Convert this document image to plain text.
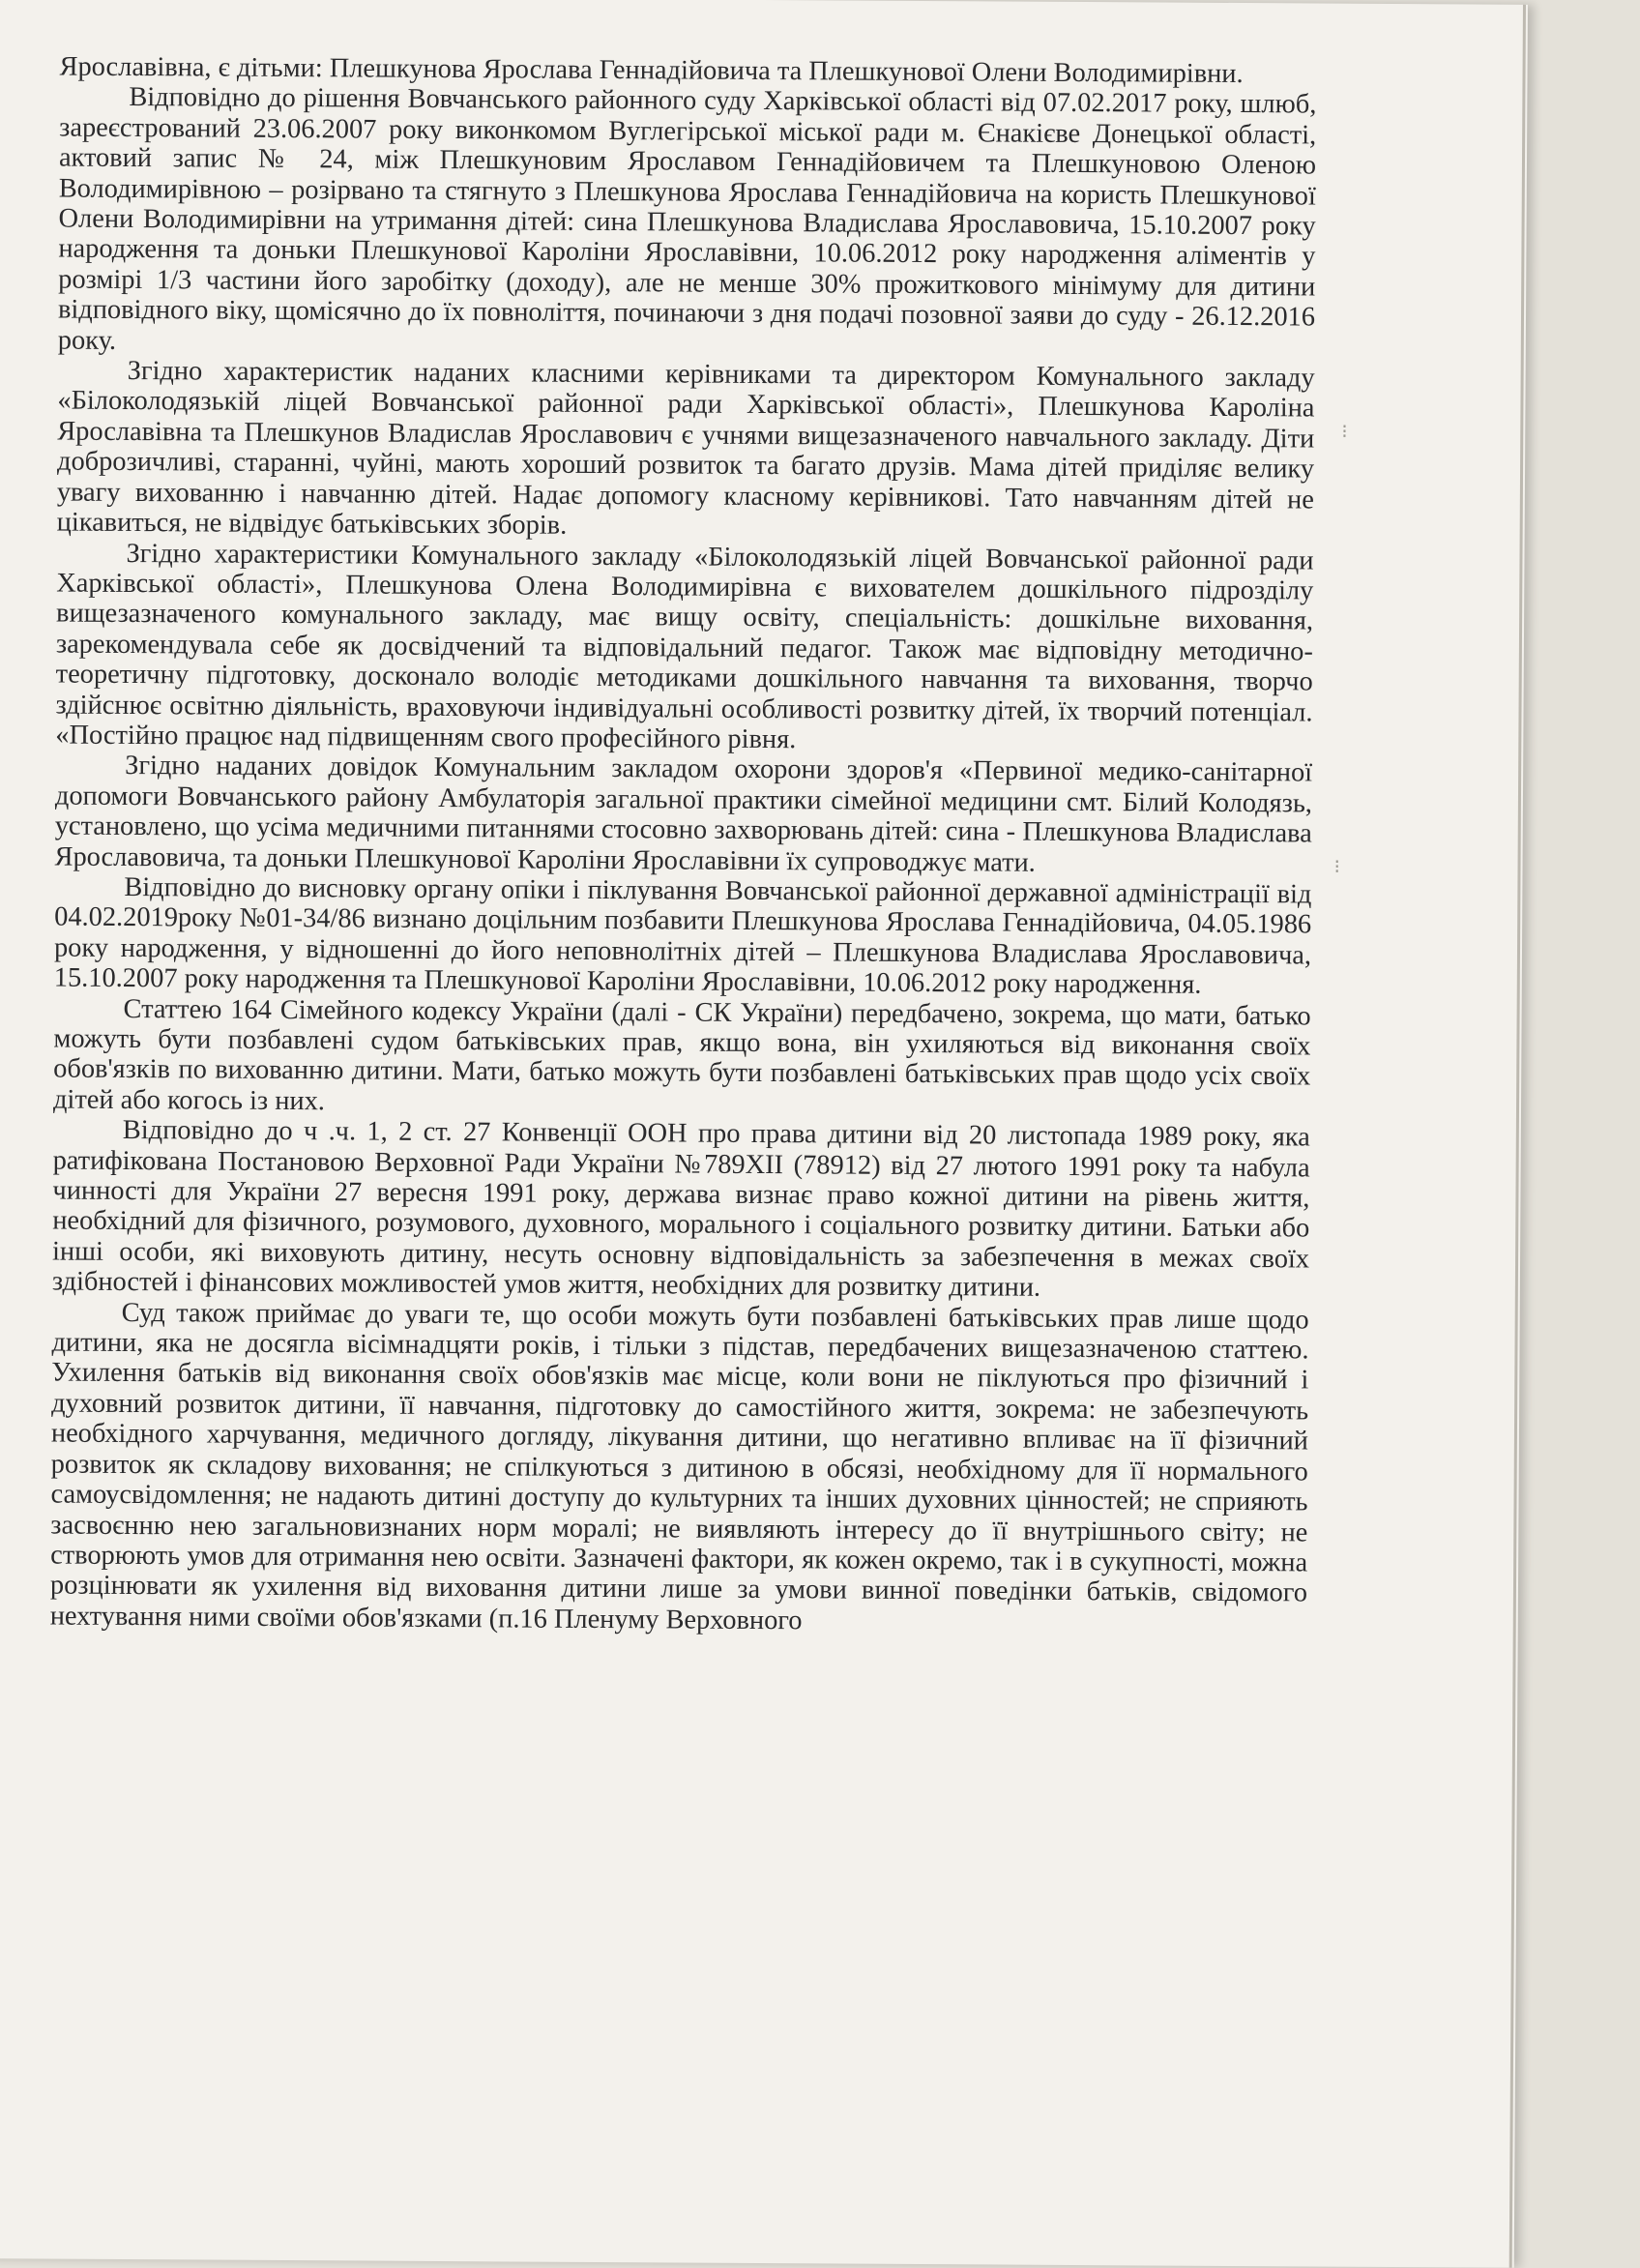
Ярославівна, є дітьми: Плешкунова Ярослава Геннадійовича та Плешкунової Олени Володимирівни.

Відповідно до рішення Вовчанського районного суду Харківської області від 07.02.2017 року, шлюб, зареєстрований 23.06.2007 року виконкомом Вуглегірської міської ради м. Єнакієве Донецької області, актовий запис № 24, між Плешкуновим Ярославом Геннадійовичем та Плешкуновою Оленою Володимирівною – розірвано та стягнуто з Плешкунова Ярослава Геннадійовича на користь Плешкунової Олени Володимирівни на утримання дітей: сина Плешкунова Владислава Ярославовича, 15.10.2007 року народження та доньки Плешкунової Кароліни Ярославівни, 10.06.2012 року народження аліментів у розмірі 1/3 частини його заробітку (доходу), але не менше 30% прожиткового мінімуму для дитини відповідного віку, щомісячно до їх повноліття, починаючи з дня подачі позовної заяви до суду - 26.12.2016 року.

Згідно характеристик наданих класними керівниками та директором Комунального закладу «Білоколодязькій ліцей Вовчанської районної ради Харківської області», Плешкунова Кароліна Ярославівна та Плешкунов Владислав Ярославович є учнями вищезазначеного навчального закладу. Діти доброзичливі, старанні, чуйні, мають хороший розвиток та багато друзів. Мама дітей приділяє велику увагу вихованню і навчанню дітей. Надає допомогу класному керівникові. Тато навчанням дітей не цікавиться, не відвідує батьківських зборів.

Згідно характеристики Комунального закладу «Білоколодязькій ліцей Вовчанської районної ради Харківської області», Плешкунова Олена Володимирівна є вихователем дошкільного підрозділу вищезазначеного комунального закладу, має вищу освіту, спеціальність: дошкільне виховання, зарекомендувала себе як досвідчений та відповідальний педагог. Також має відповідну методично-теоретичну підготовку, досконало володіє методиками дошкільного навчання та виховання, творчо здійснює освітню діяльність, враховуючи індивідуальні особливості розвитку дітей, їх творчий потенціал. «Постійно працює над підвищенням свого професійного рівня.

Згідно наданих довідок Комунальним закладом охорони здоров'я «Первиної медико-санітарної допомоги Вовчанського району Амбулаторія загальної практики сімейної медицини смт. Білий Колодязь, установлено, що усіма медичними питаннями стосовно захворювань дітей: сина - Плешкунова Владислава Ярославовича, та доньки Плешкунової Кароліни Ярославівни їх супроводжує мати.

Відповідно до висновку органу опіки і піклування Вовчанської районної державної адміністрації від 04.02.2019року №01-34/86 визнано доцільним позбавити Плешкунова Ярослава Геннадійовича, 04.05.1986 року народження, у відношенні до його неповнолітніх дітей – Плешкунова Владислава Ярославовича, 15.10.2007 року народження та Плешкунової Кароліни Ярославівни, 10.06.2012 року народження.

Статтею 164 Сімейного кодексу України (далі - СК України) передбачено, зокрема, що мати, батько можуть бути позбавлені судом батьківських прав, якщо вона, він ухиляються від виконання своїх обов'язків по вихованню дитини. Мати, батько можуть бути позбавлені батьківських прав щодо усіх своїх дітей або когось із них.

Відповідно до ч .ч. 1, 2 ст. 27 Конвенції ООН про права дитини від 20 листопада 1989 року, яка ратифікована Постановою Верховної Ради України №789XII (78912) від 27 лютого 1991 року та набула чинності для України 27 вересня 1991 року, держава визнає право кожної дитини на рівень життя, необхідний для фізичного, розумового, духовного, морального і соціального розвитку дитини. Батьки або інші особи, які виховують дитину, несуть основну відповідальність за забезпечення в межах своїх здібностей і фінансових можливостей умов життя, необхідних для розвитку дитини.

Суд також приймає до уваги те, що особи можуть бути позбавлені батьківських прав лише щодо дитини, яка не досягла вісімнадцяти років, і тільки з підстав, передбачених вищезазначеною статтею. Ухилення батьків від виконання своїх обов'язків має місце, коли вони не піклуються про фізичний і духовний розвиток дитини, її навчання, підготовку до самостійного життя, зокрема: не забезпечують необхідного харчування, медичного догляду, лікування дитини, що негативно впливає на її фізичний розвиток як складову виховання; не спілкуються з дитиною в обсязі, необхідному для її нормального самоусвідомлення; не надають дитині доступу до культурних та інших духовних цінностей; не сприяють засвоєнню нею загальновизнаних норм моралі; не виявляють інтересу до її внутрішнього світу; не створюють умов для отримання нею освіти. Зазначені фактори, як кожен окремо, так і в сукупності, можна розцінювати як ухилення від виховання дитини лише за умови винної поведінки батьків, свідомого нехтування ними своїми обов'язками (п.16 Пленуму Верховного

⁝
⁝
